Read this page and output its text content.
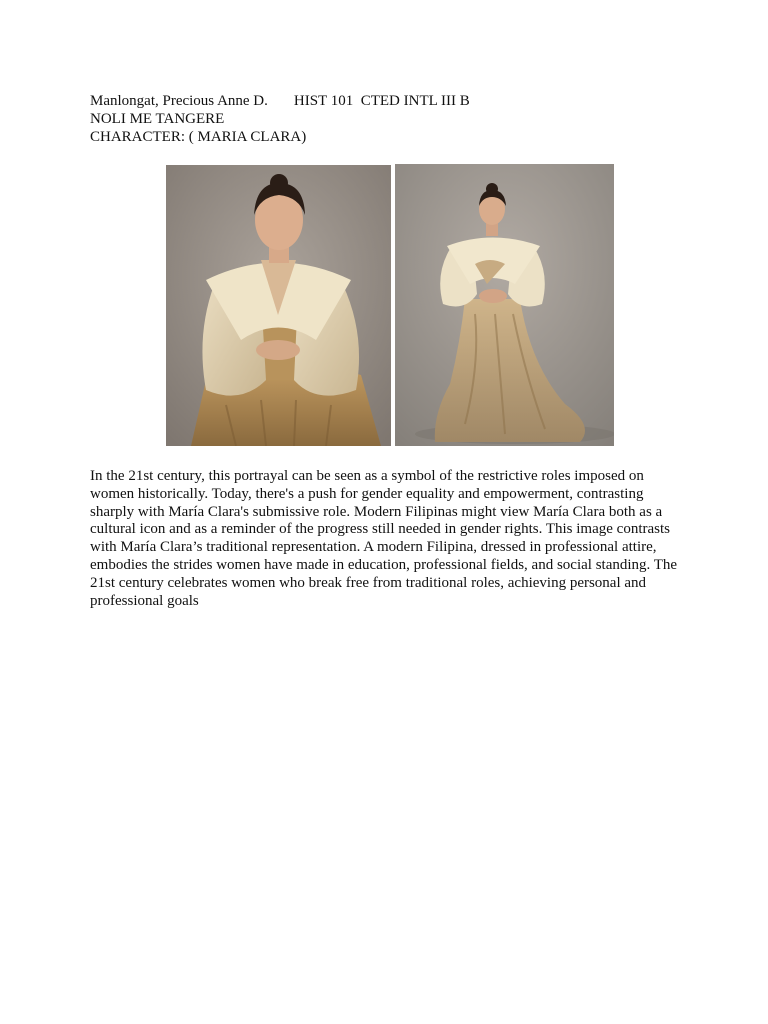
Manlongat, Precious Anne D. HIST 101  CTED INTL III B
NOLI ME TANGERE
CHARACTER: ( MARIA CLARA)
In the 21st century, this portrayal can be seen as a symbol of the restrictive roles imposed on women historically. Today, there's a push for gender equality and empowerment, contrasting sharply with María Clara's submissive role. Modern Filipinas might view María Clara both as a cultural icon and as a reminder of the progress still needed in gender rights. This image contrasts with María Clara’s traditional representation. A modern Filipina, dressed in professional attire, embodies the strides women have made in education, professional fields, and social standing. The 21st century celebrates women who break free from traditional roles, achieving personal and professional goals
